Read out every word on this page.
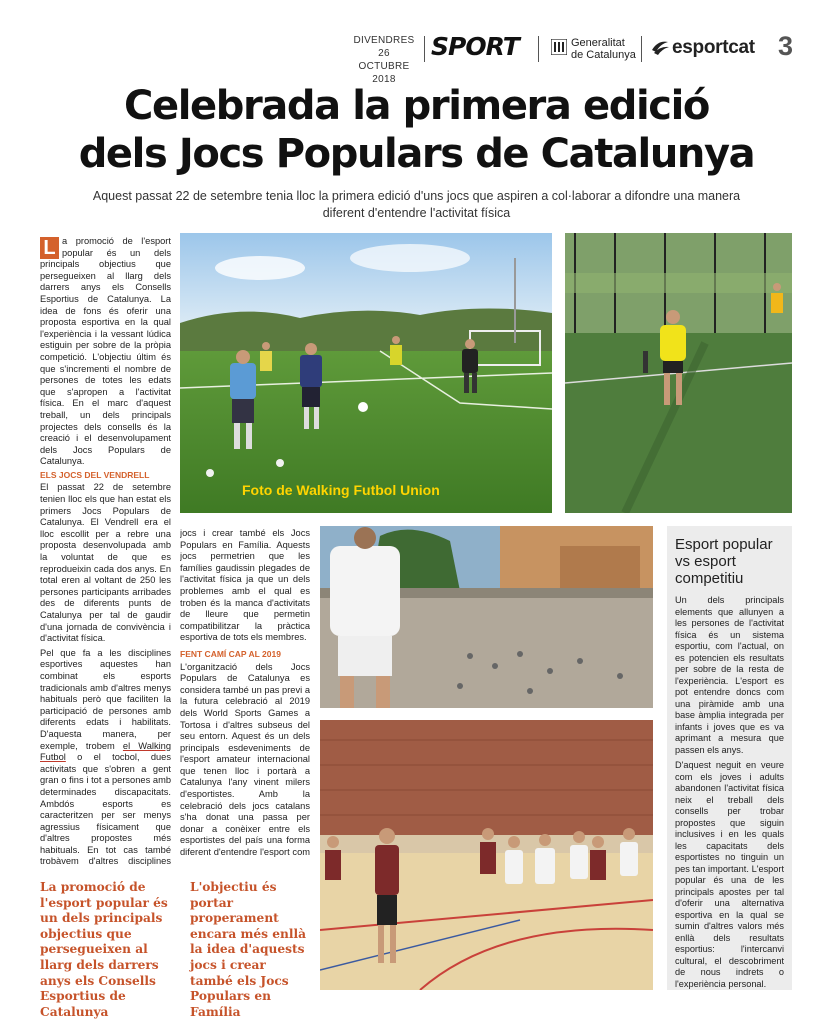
DIVENDRES 26
OCTUBRE 2018
SPORT	Generalitat
de Catalunya esportcat 3
Celebrada la primera edició
dels Jocs Populars de Catalunya
Aquest passat 22 de setembre tenia lloc la primera edició d'uns jocs que aspiren a col·laborar a difondre una manera
diferent d'entendre l'activitat física

L a promoció de l'esport popular és un dels principals objectius que persegueixen al llarg dels darrers anys els Consells Esportius de Catalunya. La idea de fons és oferir una proposta esportiva en la qual l'experiència i la vessant lúdica estiguin per sobre de la pròpia competició. L'objectiu últim és que s'incrementi el nombre de persones de totes les edats que s'apropen a l'activitat física. En el marc d'aquest treball, un dels principals projectes dels consells és la creació i el desenvolupament dels Jocs Populars de Catalunya.

ELS JOCS DEL VENDRELL

El passat 22 de setembre tenien lloc els que han estat els primers Jocs Populars de Catalunya. El Vendrell era el lloc escollit per a rebre una proposta desenvolupada amb la voluntat de que es reprodueixin cada dos anys. En total eren al voltant de 250 les persones participants arribades des de diferents punts de Catalunya per tal de gaudir d'una jornada de convivència i d'activitat física.

Pel que fa a les disciplines esportives aquestes han combinat els esports tradicionals amb d'altres menys habituals però que faciliten la participació de persones amb diferents edats i habilitats. D'aquesta manera, per exemple, trobem el Walking Futbol o el tocbol, dues activitats que s'obren a gent gran o fins i tot a persones amb determinades discapacitats. Ambdós esports es caracteritzen per ser menys agressius físicament que d'altres propostes més habituals. En tot cas també trobàvem d'altres disciplines

jocs i crear també els Jocs Populars en Família. Aquests jocs permetrien que les famílies gaudissin plegades de l'activitat física ja que un dels problemes amb el qual es troben és la manca d'activitats de lleure que permetin compatibilitzar la pràctica esportiva de tots els membres.

FENT CAMÍ CAP AL 2019

L'organització dels Jocs Populars de Catalunya es considera també un pas previ a la futura celebració al 2019 dels World Sports Games a Tortosa i d'altres subseus del seu entorn. Aquest és un dels principals esdeveniments de l'esport amateur internacional que tenen lloc i portarà a Catalunya l'any vinent milers d'esportistes. Amb la celebració dels jocs catalans s'ha donat una passa per donar a conèixer entre els esportistes del país una forma diferent d'entendre l'esport com

La promoció de l'esport popular és un dels principals objectius que persegueixen al llarg dels darrers anys els Consells Esportius de Catalunya
L'objectiu és portar properament encara més enllà la idea d'aquests jocs i crear també els Jocs Populars en Família
Foto de Walking Futbol Union
Esport popular vs esport competitiu

Un dels principals elements que allunyen a les persones de l'activitat física és un sistema esportiu, com l'actual, on es potencien els resultats per sobre de la resta de l'experiència. L'esport es pot entendre doncs com una piràmide amb una base àmplia integrada per infants i joves que es va aprimant a mesura que passen els anys.

D'aquest neguit en veure com els joves i adults abandonen l'activitat física neix el treball dels consells per trobar propostes que siguin inclusives i en les quals les capacitats dels esportistes no tinguin un pes tan important. L'esport popular és una de les principals apostes per tal d'oferir una alternativa esportiva en la qual se sumin d'altres valors més enllà dels resultats esportius: l'intercanvi cultural, el descobriment de nous indrets o l'experiència personal.
